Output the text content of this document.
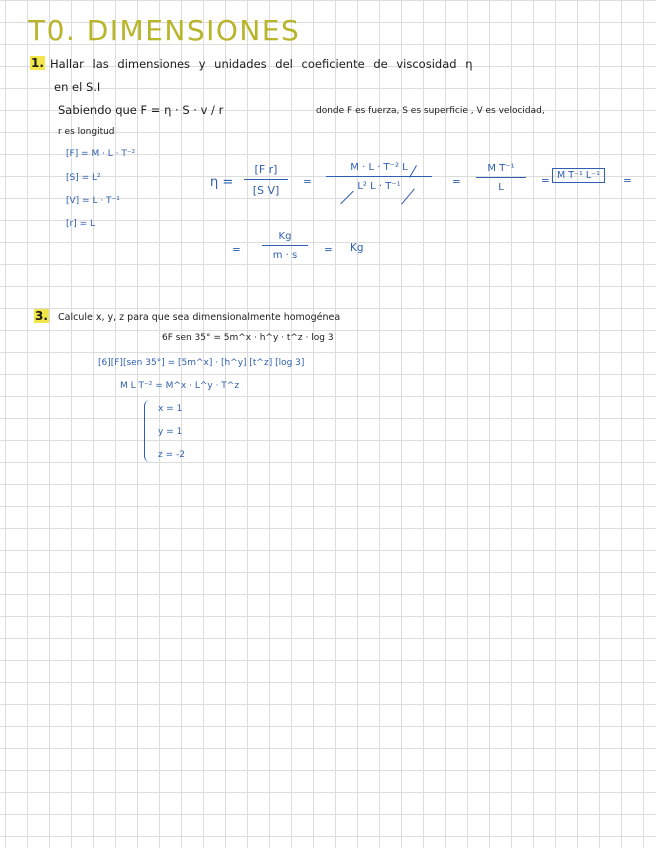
T0. DIMENSIONES
1. Hallar las dimensiones y unidades del coeficiente de viscosidad η
en el S.I
Sabiendo que F = η · S · v / r	donde F es fuerza, S es superficie , V es velocidad,
r es longitud
[F] = M · L · T⁻²
[S] = L²
[V] = L · T⁻¹
[r] = L
η =
[F r]
[S V]
=
M · L · T⁻² L
L² L · T⁻¹	=
M T⁻¹
L
= M T⁻¹ L⁻¹	=
=
Kg
m · s	= Kg
3. Calcule x, y, z para que sea dimensionalmente homogénea
6F sen 35° = 5m^x · h^y · t^z · log 3
[6][F][sen 35°] = [5m^x] · [h^y] [t^z] [log 3]
M L T⁻² = M^x · L^y · T^z
x = 1
y = 1
z = -2
